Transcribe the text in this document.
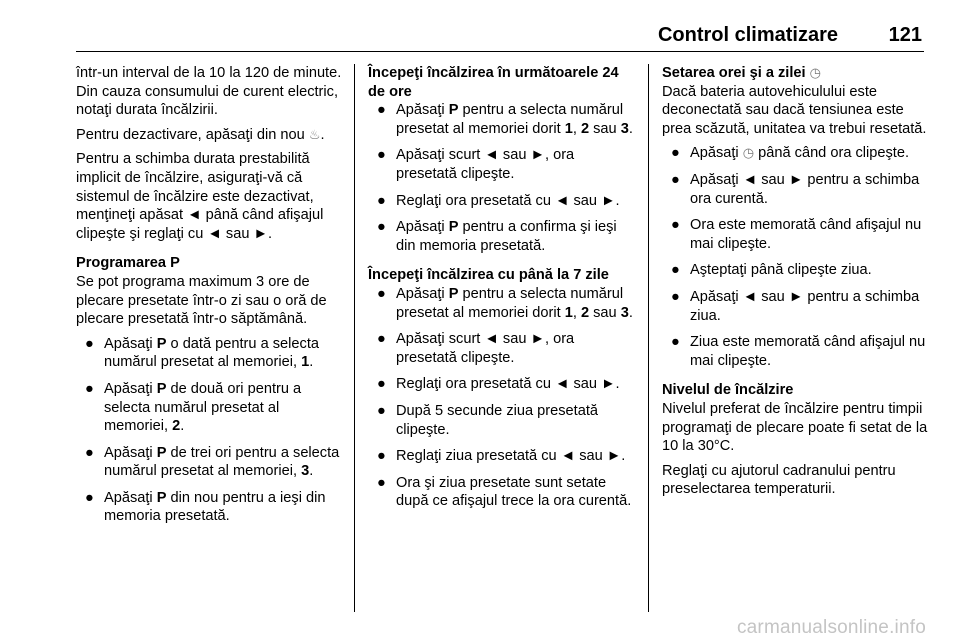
Control climatizare	121

într-un interval de la 10 la 120 de minute. Din cauza consumului de curent electric, notaţi durata încălzirii.

Pentru dezactivare, apăsaţi din nou ♨.

Pentru a schimba durata prestabilită implicit de încălzire, asiguraţi-vă că sistemul de încălzire este dezactivat, menţineţi apăsat ◄ până când afişajul clipeşte şi reglaţi cu ◄ sau ►.

Programarea P

Se pot programa maximum 3 ore de plecare presetate într-o zi sau o oră de plecare presetată într-o săptămână.

● Apăsaţi P o dată pentru a selecta numărul presetat al memoriei, 1.
● Apăsaţi P de două ori pentru a selecta numărul presetat al memoriei, 2.
● Apăsaţi P de trei ori pentru a selecta numărul presetat al memoriei, 3.
● Apăsaţi P din nou pentru a ieşi din memoria presetată.
Începeţi încălzirea în următoarele 24 de ore
● Apăsaţi P pentru a selecta numărul presetat al memoriei dorit 1, 2 sau 3.
● Apăsaţi scurt ◄ sau ►, ora presetată clipeşte.
● Reglaţi ora presetată cu ◄ sau ►.
● Apăsaţi P pentru a confirma şi ieşi din memoria presetată.
Începeţi încălzirea cu până la 7 zile
● Apăsaţi P pentru a selecta numărul presetat al memoriei dorit 1, 2 sau 3.
● Apăsaţi scurt ◄ sau ►, ora presetată clipeşte.
● Reglaţi ora presetată cu ◄ sau ►.
● După 5 secunde ziua presetată clipeşte.
● Reglaţi ziua presetată cu ◄ sau ►.
● Ora şi ziua presetate sunt setate după ce afişajul trece la ora curentă.
Setarea orei şi a zilei ◷

Dacă bateria autovehiculului este deconectată sau dacă tensiunea este prea scăzută, unitatea va trebui resetată.

● Apăsaţi ◷ până când ora clipeşte.
● Apăsaţi ◄ sau ► pentru a schimba ora curentă.
● Ora este memorată când afişajul nu mai clipeşte.
● Aşteptaţi până clipeşte ziua.
● Apăsaţi ◄ sau ► pentru a schimba ziua.
● Ziua este memorată când afişajul nu mai clipeşte.
Nivelul de încălzire

Nivelul preferat de încălzire pentru timpii programaţi de plecare poate fi setat de la 10 la 30°C.

Reglaţi cu ajutorul cadranului pentru preselectarea temperaturii.

carmanualsonline.info
